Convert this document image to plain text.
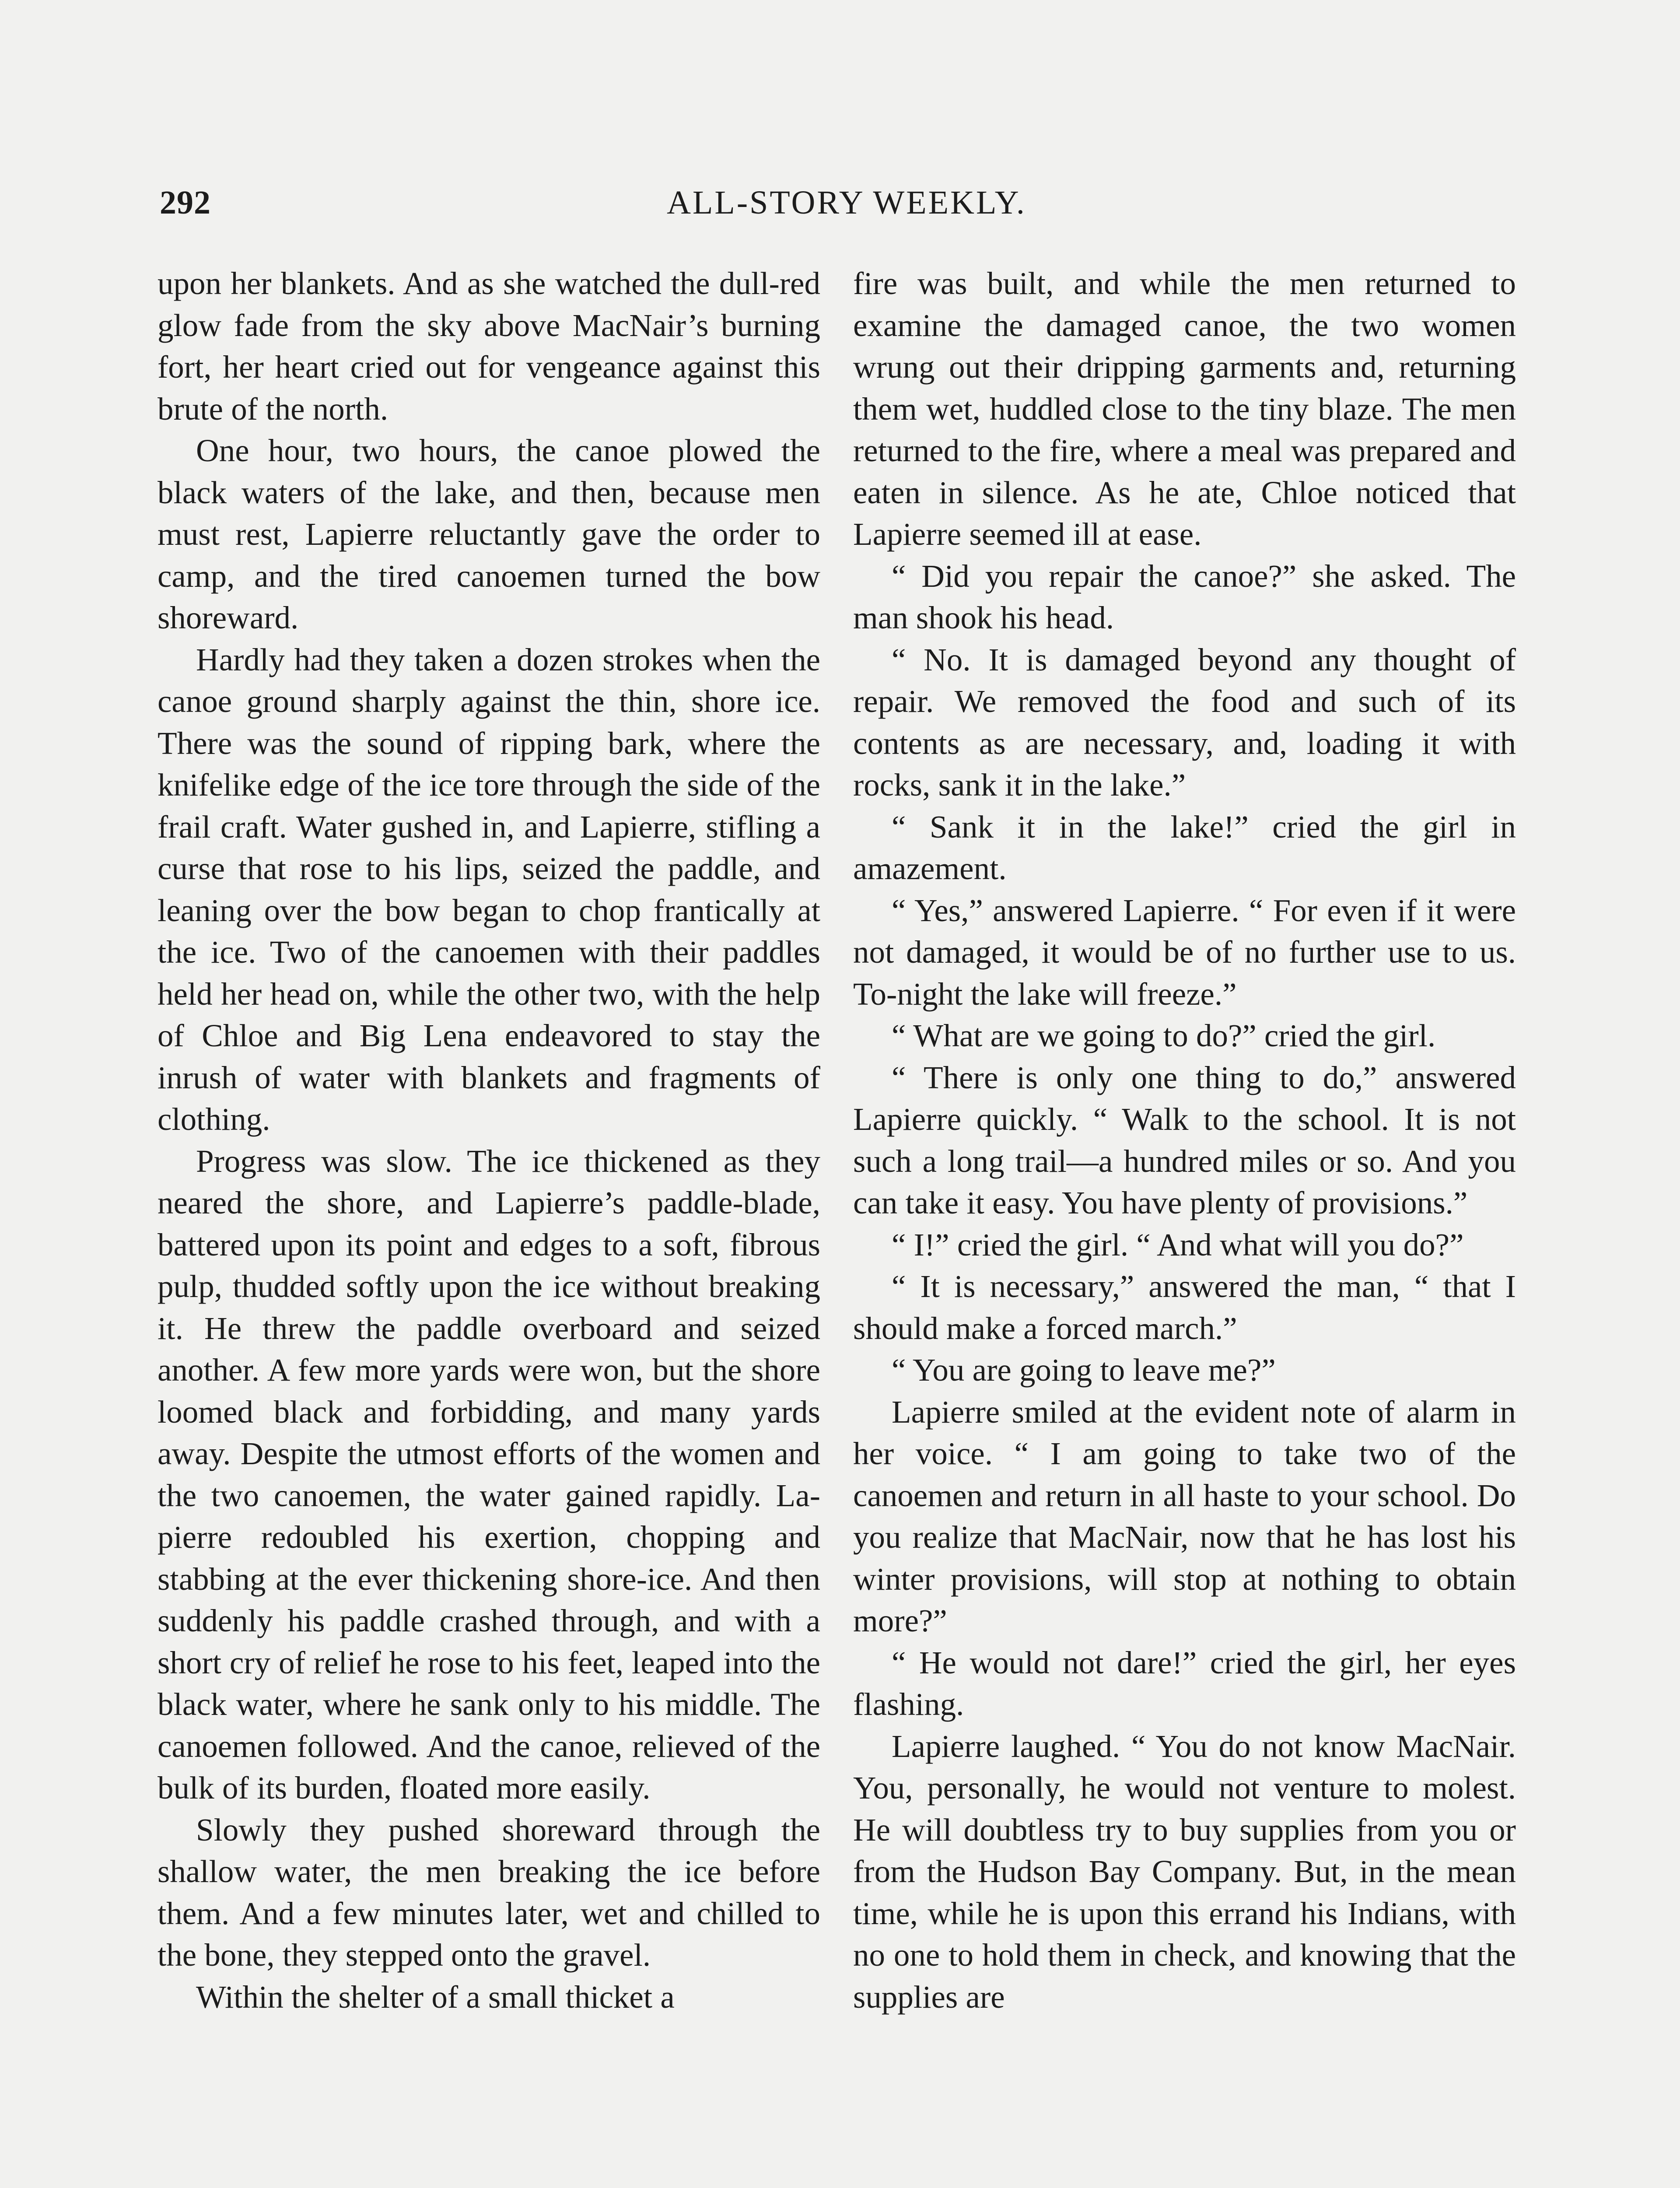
ALL-STORY WEEKLY.
292

upon her blankets. And as she watched the dull-red glow fade from the sky above MacNair’s burning fort, her heart cried out for vengeance against this brute of the north.

One hour, two hours, the canoe plowed the black waters of the lake, and then, because men must rest, Lapierre reluctantly gave the order to camp, and the tired canoemen turned the bow shoreward.

Hardly had they taken a dozen strokes when the canoe ground sharply against the thin, shore ice. There was the sound of ripping bark, where the knifelike edge of the ice tore through the side of the frail craft. Water gushed in, and Lapierre, stifling a curse that rose to his lips, seized the paddle, and leaning over the bow began to chop frantically at the ice. Two of the canoemen with their paddles held her head on, while the other two, with the help of Chloe and Big Lena endeavored to stay the inrush of water with blankets and fragments of clothing.

Progress was slow. The ice thickened as they neared the shore, and Lapierre’s paddle-blade, battered upon its point and edges to a soft, fibrous pulp, thudded softly upon the ice without breaking it. He threw the paddle overboard and seized another. A few more yards were won, but the shore loomed black and forbidding, and many yards away. Despite the utmost efforts of the women and the two canoemen, the water gained rapidly. Lapierre redoubled his exertion, chopping and stabbing at the ever thickening shore-ice. And then suddenly his paddle crashed through, and with a short cry of relief he rose to his feet, leaped into the black water, where he sank only to his middle. The canoemen followed. And the canoe, relieved of the bulk of its burden, floated more easily.

Slowly they pushed shoreward through the shallow water, the men breaking the ice before them. And a few minutes later, wet and chilled to the bone, they stepped onto the gravel.

Within the shelter of a small thicket a

fire was built, and while the men returned to examine the damaged canoe, the two women wrung out their dripping garments and, returning them wet, huddled close to the tiny blaze. The men returned to the fire, where a meal was prepared and eaten in silence. As he ate, Chloe noticed that Lapierre seemed ill at ease.

“ Did you repair the canoe?” she asked. The man shook his head.

“ No. It is damaged beyond any thought of repair. We removed the food and such of its contents as are necessary, and, loading it with rocks, sank it in the lake.”

“ Sank it in the lake!” cried the girl in amazement.

“ Yes,” answered Lapierre. “ For even if it were not damaged, it would be of no further use to us. To-night the lake will freeze.”

“ What are we going to do?” cried the girl.

“ There is only one thing to do,” answered Lapierre quickly. “ Walk to the school. It is not such a long trail—a hundred miles or so. And you can take it easy. You have plenty of provisions.”

“ I!” cried the girl. “ And what will you do?”

“ It is necessary,” answered the man, “ that I should make a forced march.”

“ You are going to leave me?”

Lapierre smiled at the evident note of alarm in her voice. “ I am going to take two of the canoemen and return in all haste to your school. Do you realize that MacNair, now that he has lost his winter provisions, will stop at nothing to obtain more?”

“ He would not dare!” cried the girl, her eyes flashing.

Lapierre laughed. “ You do not know MacNair. You, personally, he would not venture to molest. He will doubtless try to buy supplies from you or from the Hudson Bay Company. But, in the mean time, while he is upon this errand his Indians, with no one to hold them in check, and knowing that the supplies are
